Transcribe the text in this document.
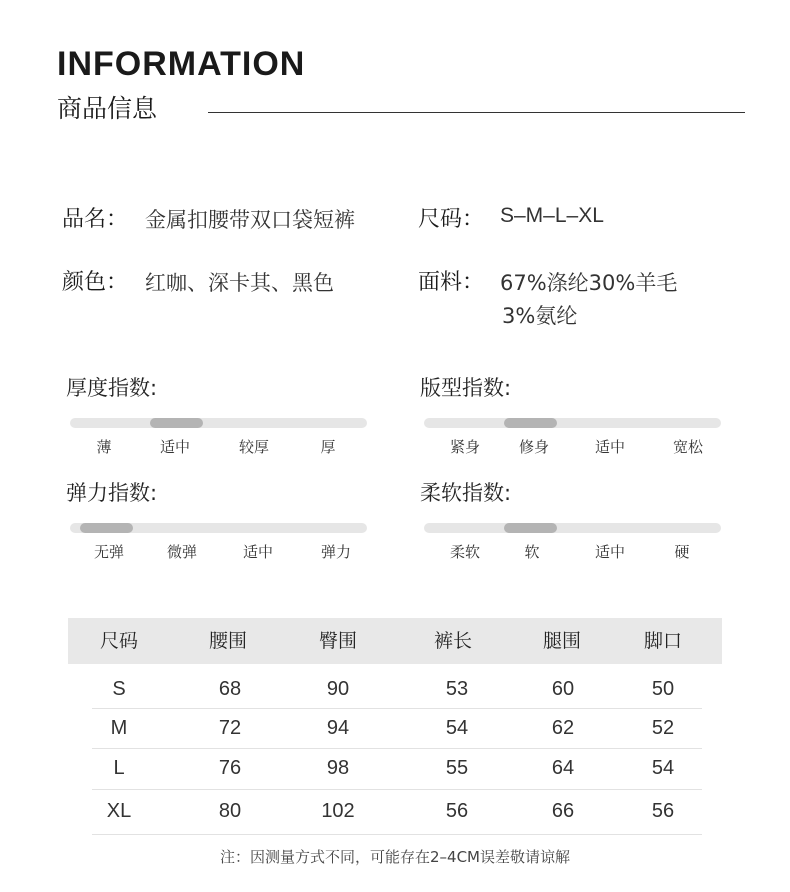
INFORMATION
商品信息
品名： 金属扣腰带双口袋短裤	尺码： S–M–L–XL
颜色： 红咖、深卡其、黑色	面料： 67%涤纶30%羊毛
3%氨纶
厚度指数:
薄	适中	较厚	厚
版型指数:
紧身	修身	适中	宽松
弹力指数:
无弹	微弹	适中	弹力
柔软指数:
柔软	软	适中	硬
尺码	腰围	臀围	裤长	腿围	脚口
S	68	90	53	60	50
M	72	94	54	62	52
L	76	98	55	64	54
XL	80	102	56	66	56
注：因测量方式不同，可能存在2–4CM误差敬请谅解
